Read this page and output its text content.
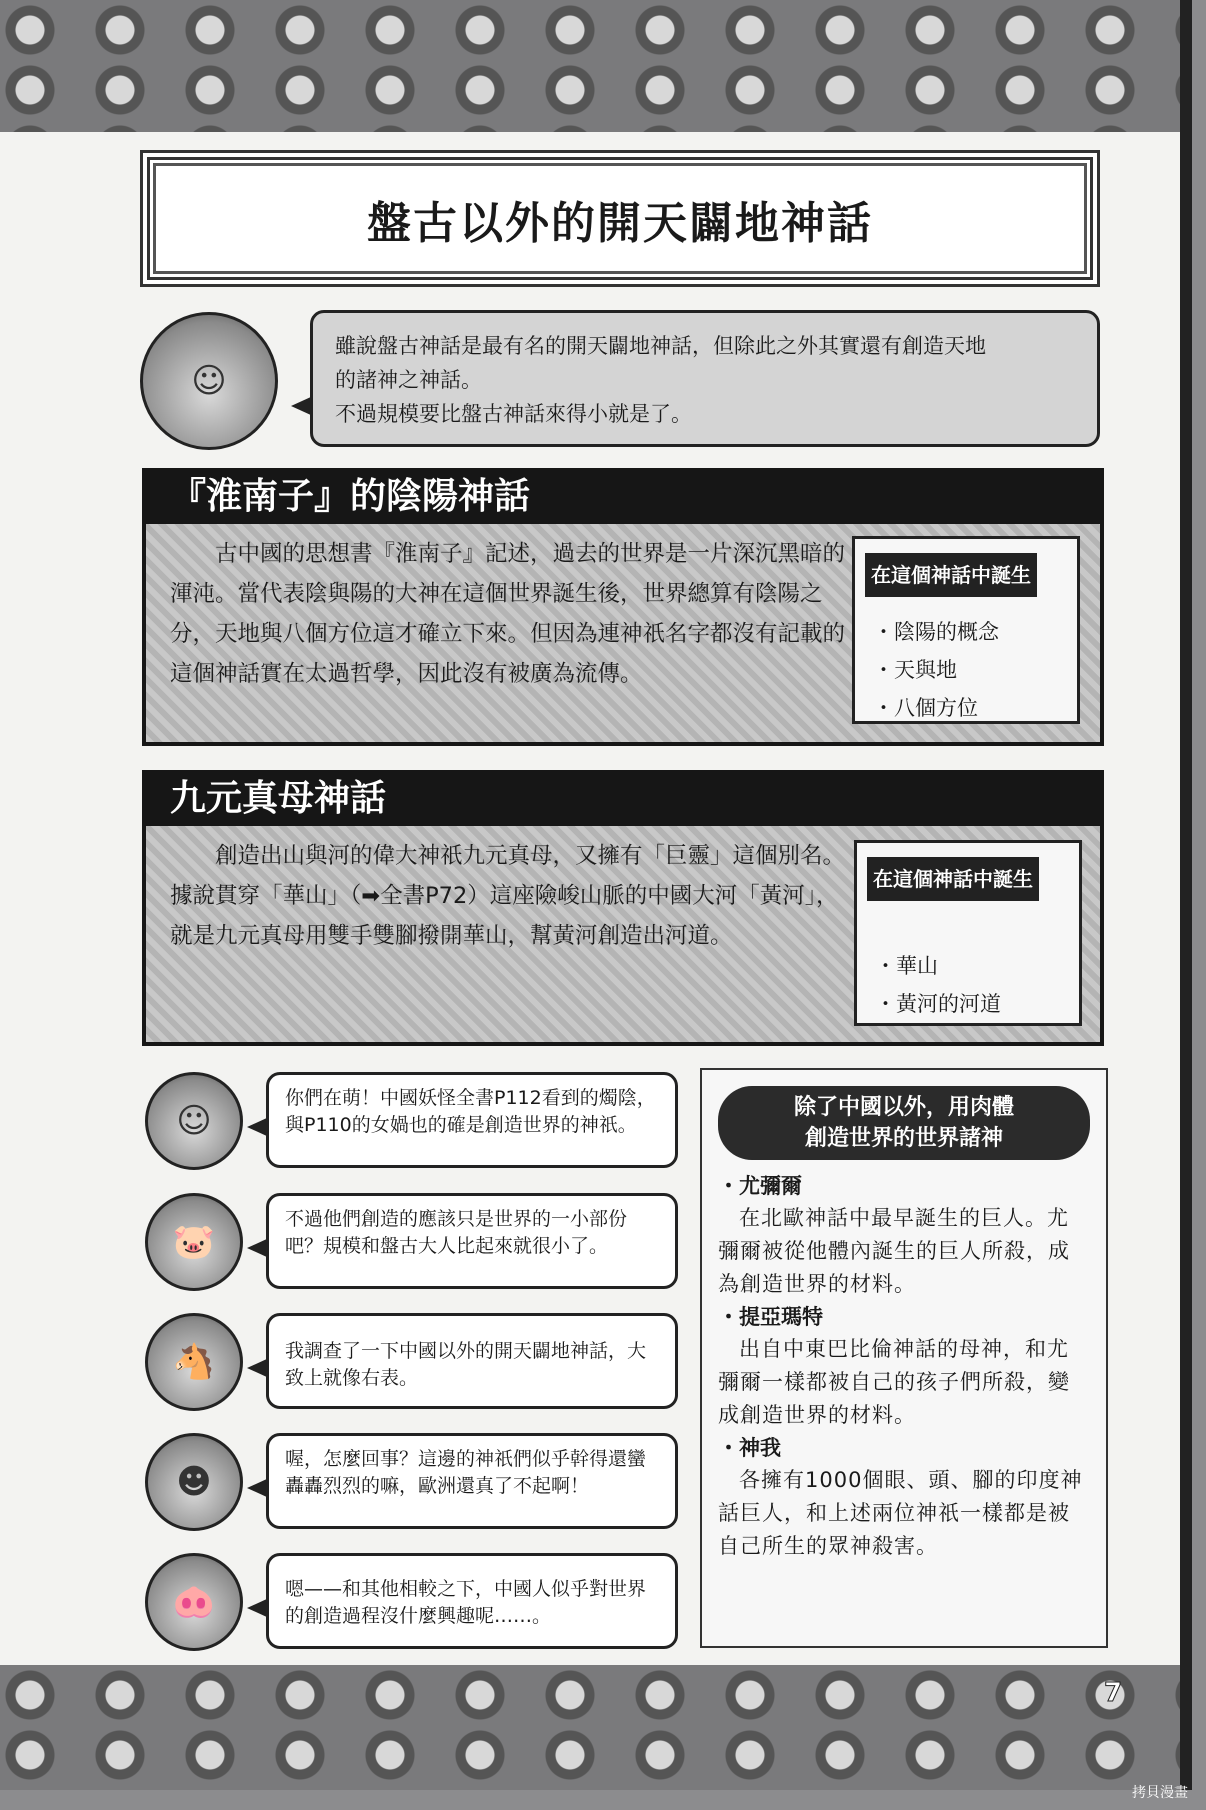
盤古以外的開天闢地神話
☺
雖說盤古神話是最有名的開天闢地神話，但除此之外其實還有創造天地
的諸神之神話。
不過規模要比盤古神話來得小就是了。
『淮南子』的陰陽神話

古中國的思想書『淮南子』記述，過去的世界是一片深沉黑暗的渾沌。當代表陰與陽的大神在這個世界誕生後，世界總算有陰陽之分，天地與八個方位這才確立下來。但因為連神祇名字都沒有記載的這個神話實在太過哲學，因此沒有被廣為流傳。

在這個神話中誕生
・陰陽的概念
・天與地
・八個方位
九元真母神話

創造出山與河的偉大神祇九元真母，又擁有「巨靈」這個別名。據說貫穿「華山」（➡全書P72）這座險峻山脈的中國大河「黃河」，就是九元真母用雙手雙腳撥開華山，幫黃河創造出河道。

在這個神話中誕生
・華山
・黃河的河道
☺
你們在萌！中國妖怪全書P112看到的燭陰，與P110的女媧也的確是創造世界的神祇。
🐷
不過他們創造的應該只是世界的一小部份吧？規模和盤古大人比起來就很小了。
🐴	我調查了一下中國以外的開天闢地神話，大致上就像右表。
☻
喔，怎麼回事？這邊的神祇們似乎幹得還蠻轟轟烈烈的嘛，歐洲還真了不起啊！
🐽	嗯——和其他相較之下，中國人似乎對世界的創造過程沒什麼興趣呢……。
除了中國以外，用肉體
創造世界的世界諸神
・尤彌爾
在北歐神話中最早誕生的巨人。尤彌爾被從他體內誕生的巨人所殺，成為創造世界的材料。
・提亞瑪特
出自中東巴比倫神話的母神，和尤彌爾一樣都被自己的孩子們所殺，變成創造世界的材料。
・神我
各擁有1000個眼、頭、腳的印度神話巨人，和上述兩位神祇一樣都是被自己所生的眾神殺害。
7
拷貝漫畫
